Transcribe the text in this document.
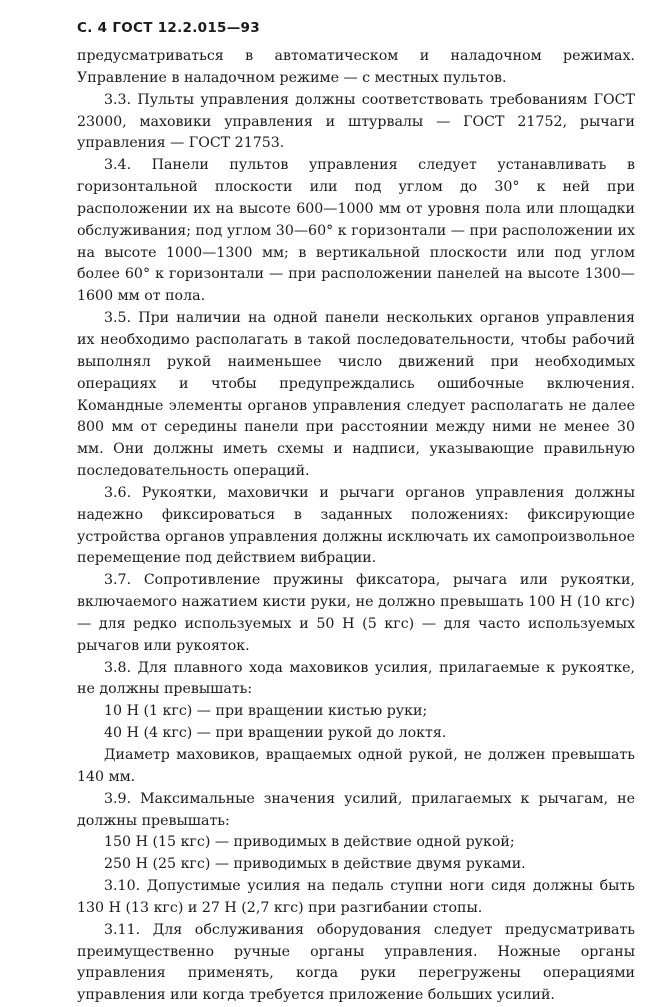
С. 4 ГОСТ 12.2.015—93

предусматриваться в автоматическом и наладочном режимах. Управление в наладочном режиме — с местных пультов.

3.3. Пульты управления должны соответствовать требованиям ГОСТ 23000, маховики управления и штурвалы — ГОСТ 21752, рычаги управления — ГОСТ 21753.

3.4. Панели пультов управления следует устанавливать в горизонтальной плоскости или под углом до 30° к ней при расположении их на высоте 600—1000 мм от уровня пола или площадки обслуживания; под углом 30—60° к горизонтали — при расположении их на высоте 1000—1300 мм; в вертикальной плоскости или под углом более 60° к горизонтали — при расположении панелей на высоте 1300—1600 мм от пола.

3.5. При наличии на одной панели нескольких органов управления их необходимо располагать в такой последовательности, чтобы рабочий выполнял рукой наименьшее число движений при необходимых операциях и чтобы предупреждались ошибочные включения. Командные элементы органов управления следует располагать не далее 800 мм от середины панели при расстоянии между ними не менее 30 мм. Они должны иметь схемы и надписи, указывающие правильную последовательность операций.

3.6. Рукоятки, маховички и рычаги органов управления должны надежно фиксироваться в заданных положениях: фиксирующие устройства органов управления должны исключать их самопроизвольное перемещение под действием вибрации.

3.7. Сопротивление пружины фиксатора, рычага или рукоятки, включаемого нажатием кисти руки, не должно превышать 100 Н (10 кгс) — для редко используемых и 50 Н (5 кгс) — для часто используемых рычагов или рукояток.

3.8. Для плавного хода маховиков усилия, прилагаемые к рукоятке, не должны превышать:

10 Н (1 кгс) — при вращении кистью руки;
40 Н (4 кгс) — при вращении рукой до локтя.

Диаметр маховиков, вращаемых одной рукой, не должен превышать 140 мм.

3.9. Максимальные значения усилий, прилагаемых к рычагам, не должны превышать:

150 Н (15 кгс) — приводимых в действие одной рукой;
250 Н (25 кгс) — приводимых в действие двумя руками.

3.10. Допустимые усилия на педаль ступни ноги сидя должны быть 130 Н (13 кгс) и 27 Н (2,7 кгс) при разгибании стопы.

3.11. Для обслуживания оборудования следует предусматривать преимущественно ручные органы управления. Ножные органы управления применять, когда руки перегружены операциями управления или когда требуется приложение больших усилий.
